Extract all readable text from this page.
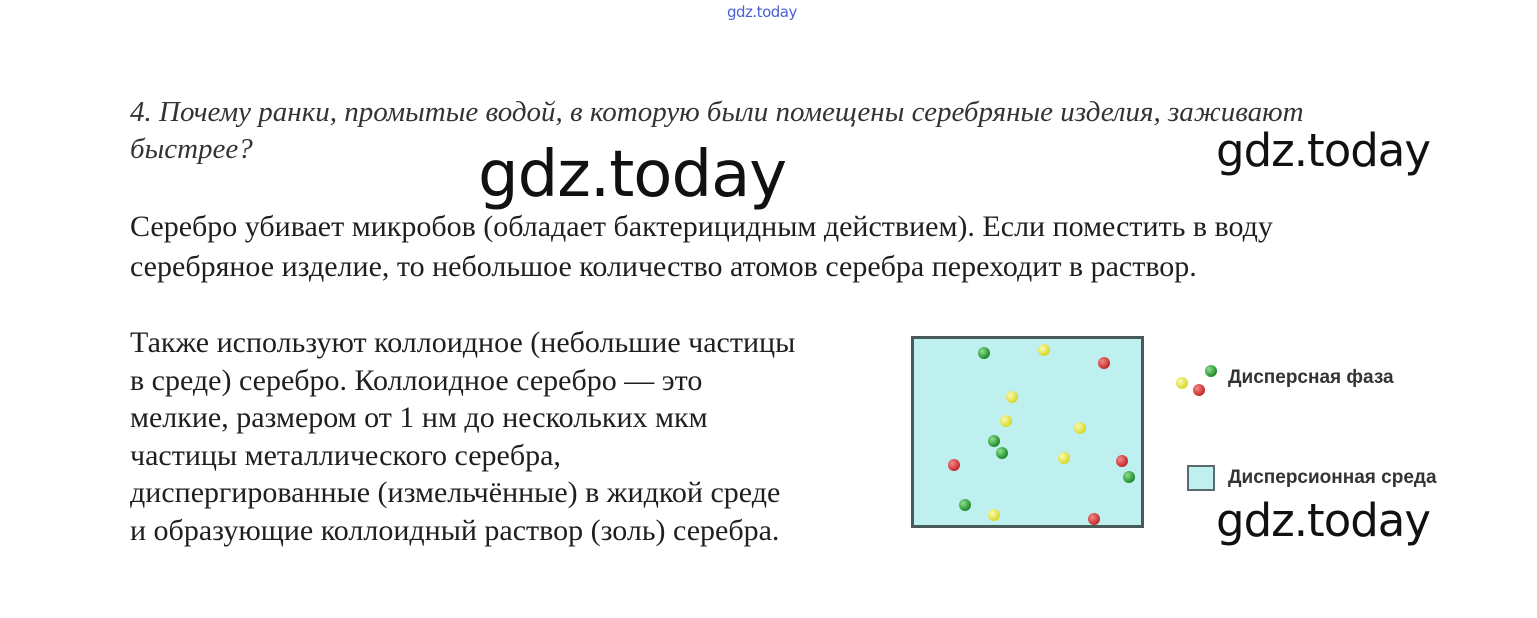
gdz.today
4. Почему ранки, промытые водой, в которую были помещены серебряные изделия, заживают быстрее?
Серебро убивает микробов (обладает бактерицидным действием). Если поместить в воду
серебряное изделие, то небольшое количество атомов серебра переходит в раствор.
Также используют коллоидное (небольшие частицы
в среде) серебро. Коллоидное серебро — это
мелкие, размером от 1 нм до нескольких мкм
частицы металлического серебра,
диспергированные (измельчённые) в жидкой среде
и образующие коллоидный раствор (золь) серебра.
gdz.today	gdz.today
gdz.today
Дисперсная фаза
Дисперсионная среда
